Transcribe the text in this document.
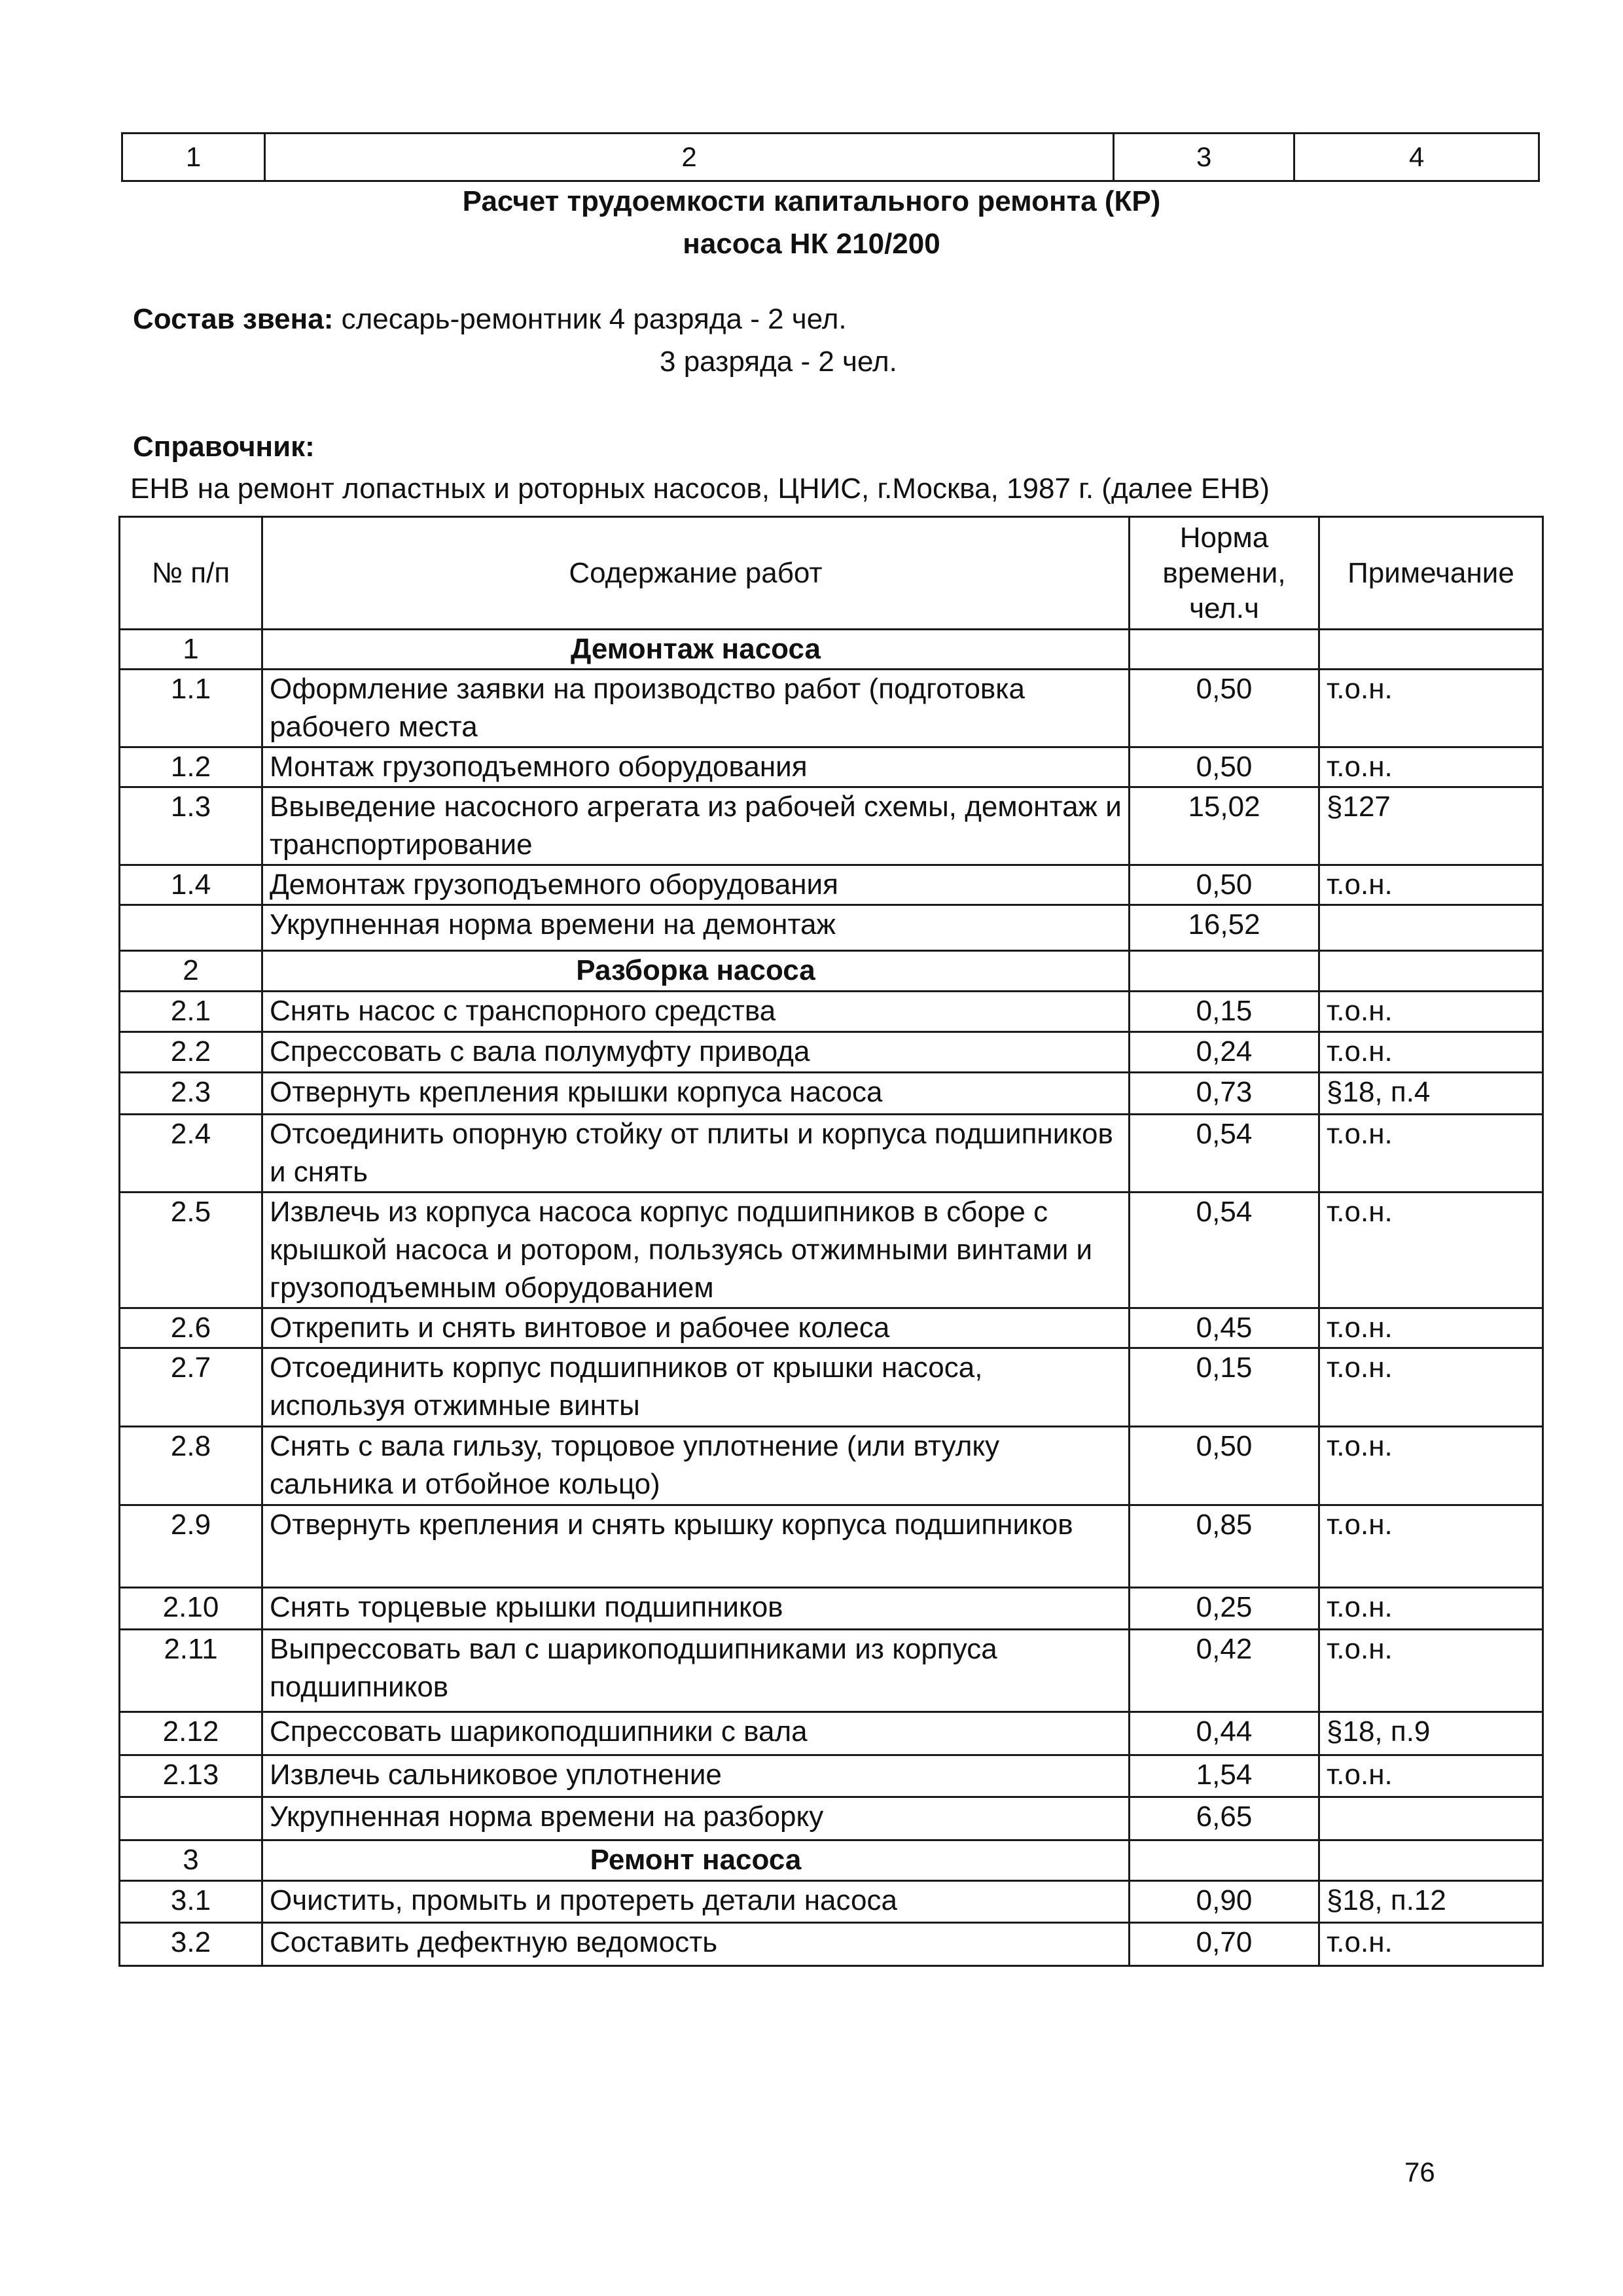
1	2	3	4
Расчет трудоемкости капитального ремонта (КР)
насоса НК 210/200
Состав звена: слесарь-ремонтник 4 разряда - 2 чел.
3 разряда - 2 чел.
Справочник:
ЕНВ на ремонт лопастных и роторных насосов, ЦНИС, г.Москва, 1987 г. (далее ЕНВ)
№ п/п	Содержание работ	Норма времени, чел.ч	Примечание
1	Демонтаж насоса		
1.1	Оформление заявки на производство работ (подготовка рабочего места	0,50	т.о.н.
1.2	Монтаж грузоподъемного оборудования	0,50	т.о.н.
1.3	Ввыведение насосного агрегата из рабочей схемы, демонтаж и транспортирование	15,02	§127
1.4	Демонтаж грузоподъемного оборудования	0,50	т.о.н.
	Укрупненная норма времени на демонтаж	16,52	
2	Разборка насоса		
2.1	Снять насос с транспорного средства	0,15	т.о.н.
2.2	Спрессовать с вала полумуфту привода	0,24	т.о.н.
2.3	Отвернуть крепления крышки корпуса насоса	0,73	§18, п.4
2.4	Отсоединить опорную стойку от плиты и корпуса подшипников и снять	0,54	т.о.н.
2.5	Извлечь из корпуса насоса корпус подшипников в сборе с крышкой насоса и ротором, пользуясь отжимными винтами и грузоподъемным оборудованием	0,54	т.о.н.
2.6	Открепить и снять винтовое и рабочее колеса	0,45	т.о.н.
2.7	Отсоединить корпус подшипников от крышки насоса, используя отжимные винты	0,15	т.о.н.
2.8	Снять с вала гильзу, торцовое уплотнение (или втулку сальника и отбойное кольцо)	0,50	т.о.н.
2.9	Отвернуть крепления и снять крышку корпуса подшипников	0,85	т.о.н.
2.10	Снять торцевые крышки подшипников	0,25	т.о.н.
2.11	Выпрессовать вал с шарикоподшипниками из корпуса подшипников	0,42	т.о.н.
2.12	Спрессовать шарикоподшипники с вала	0,44	§18, п.9
2.13	Извлечь сальниковое уплотнение	1,54	т.о.н.
	Укрупненная норма времени на разборку	6,65	
3	Ремонт насоса		
3.1	Очистить, промыть и протереть детали насоса	0,90	§18, п.12
3.2	Составить дефектную ведомость	0,70	т.о.н.
76
